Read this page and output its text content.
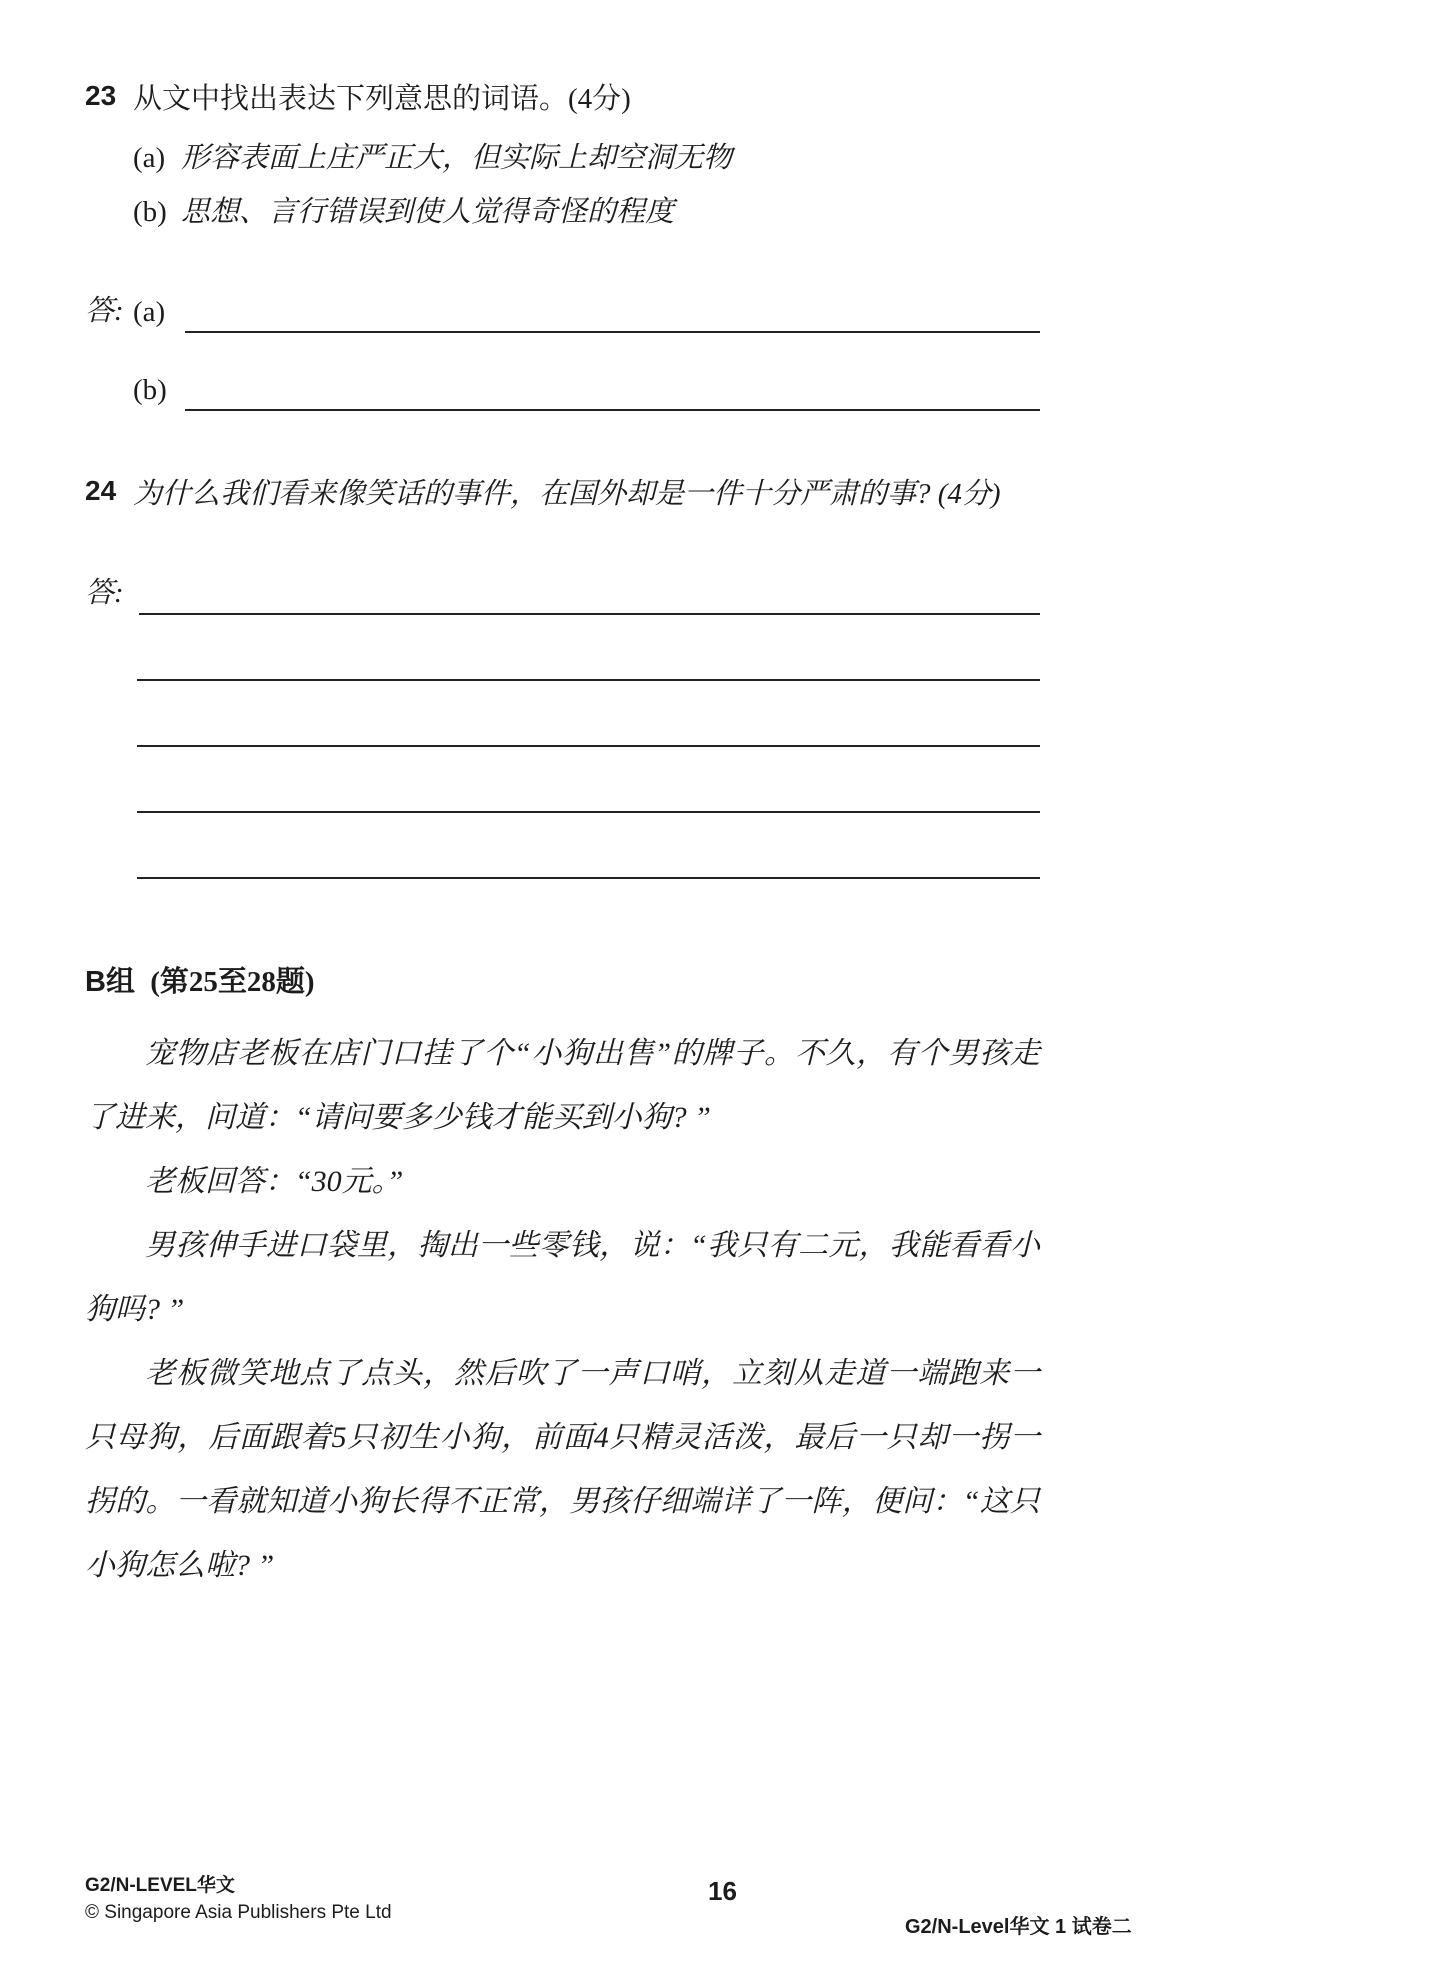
23 从文中找出表达下列意思的词语。(4分)
(a) 形容表面上庄严正大，但实际上却空洞无物
(b) 思想、言行错误到使人觉得奇怪的程度
答: (a)
(b)
24 为什么我们看来像笑话的事件，在国外却是一件十分严肃的事? (4分)
答:
B组 (第25至28题)

宠物店老板在店门口挂了个“小狗出售”的牌子。不久，有个男孩走了进来，问道：“请问要多少钱才能买到小狗? ”

老板回答：“30元。”

男孩伸手进口袋里，掏出一些零钱，说：“我只有二元，我能看看小狗吗? ”

老板微笑地点了点头，然后吹了一声口哨，立刻从走道一端跑来一只母狗，后面跟着5只初生小狗，前面4只精灵活泼，最后一只却一拐一拐的。一看就知道小狗长得不正常，男孩仔细端详了一阵，便问：“这只小狗怎么啦? ”

G2/N-LEVEL华文
© Singapore Asia Publishers Pte Ltd
16
G2/N-Level华文 1 试卷二
